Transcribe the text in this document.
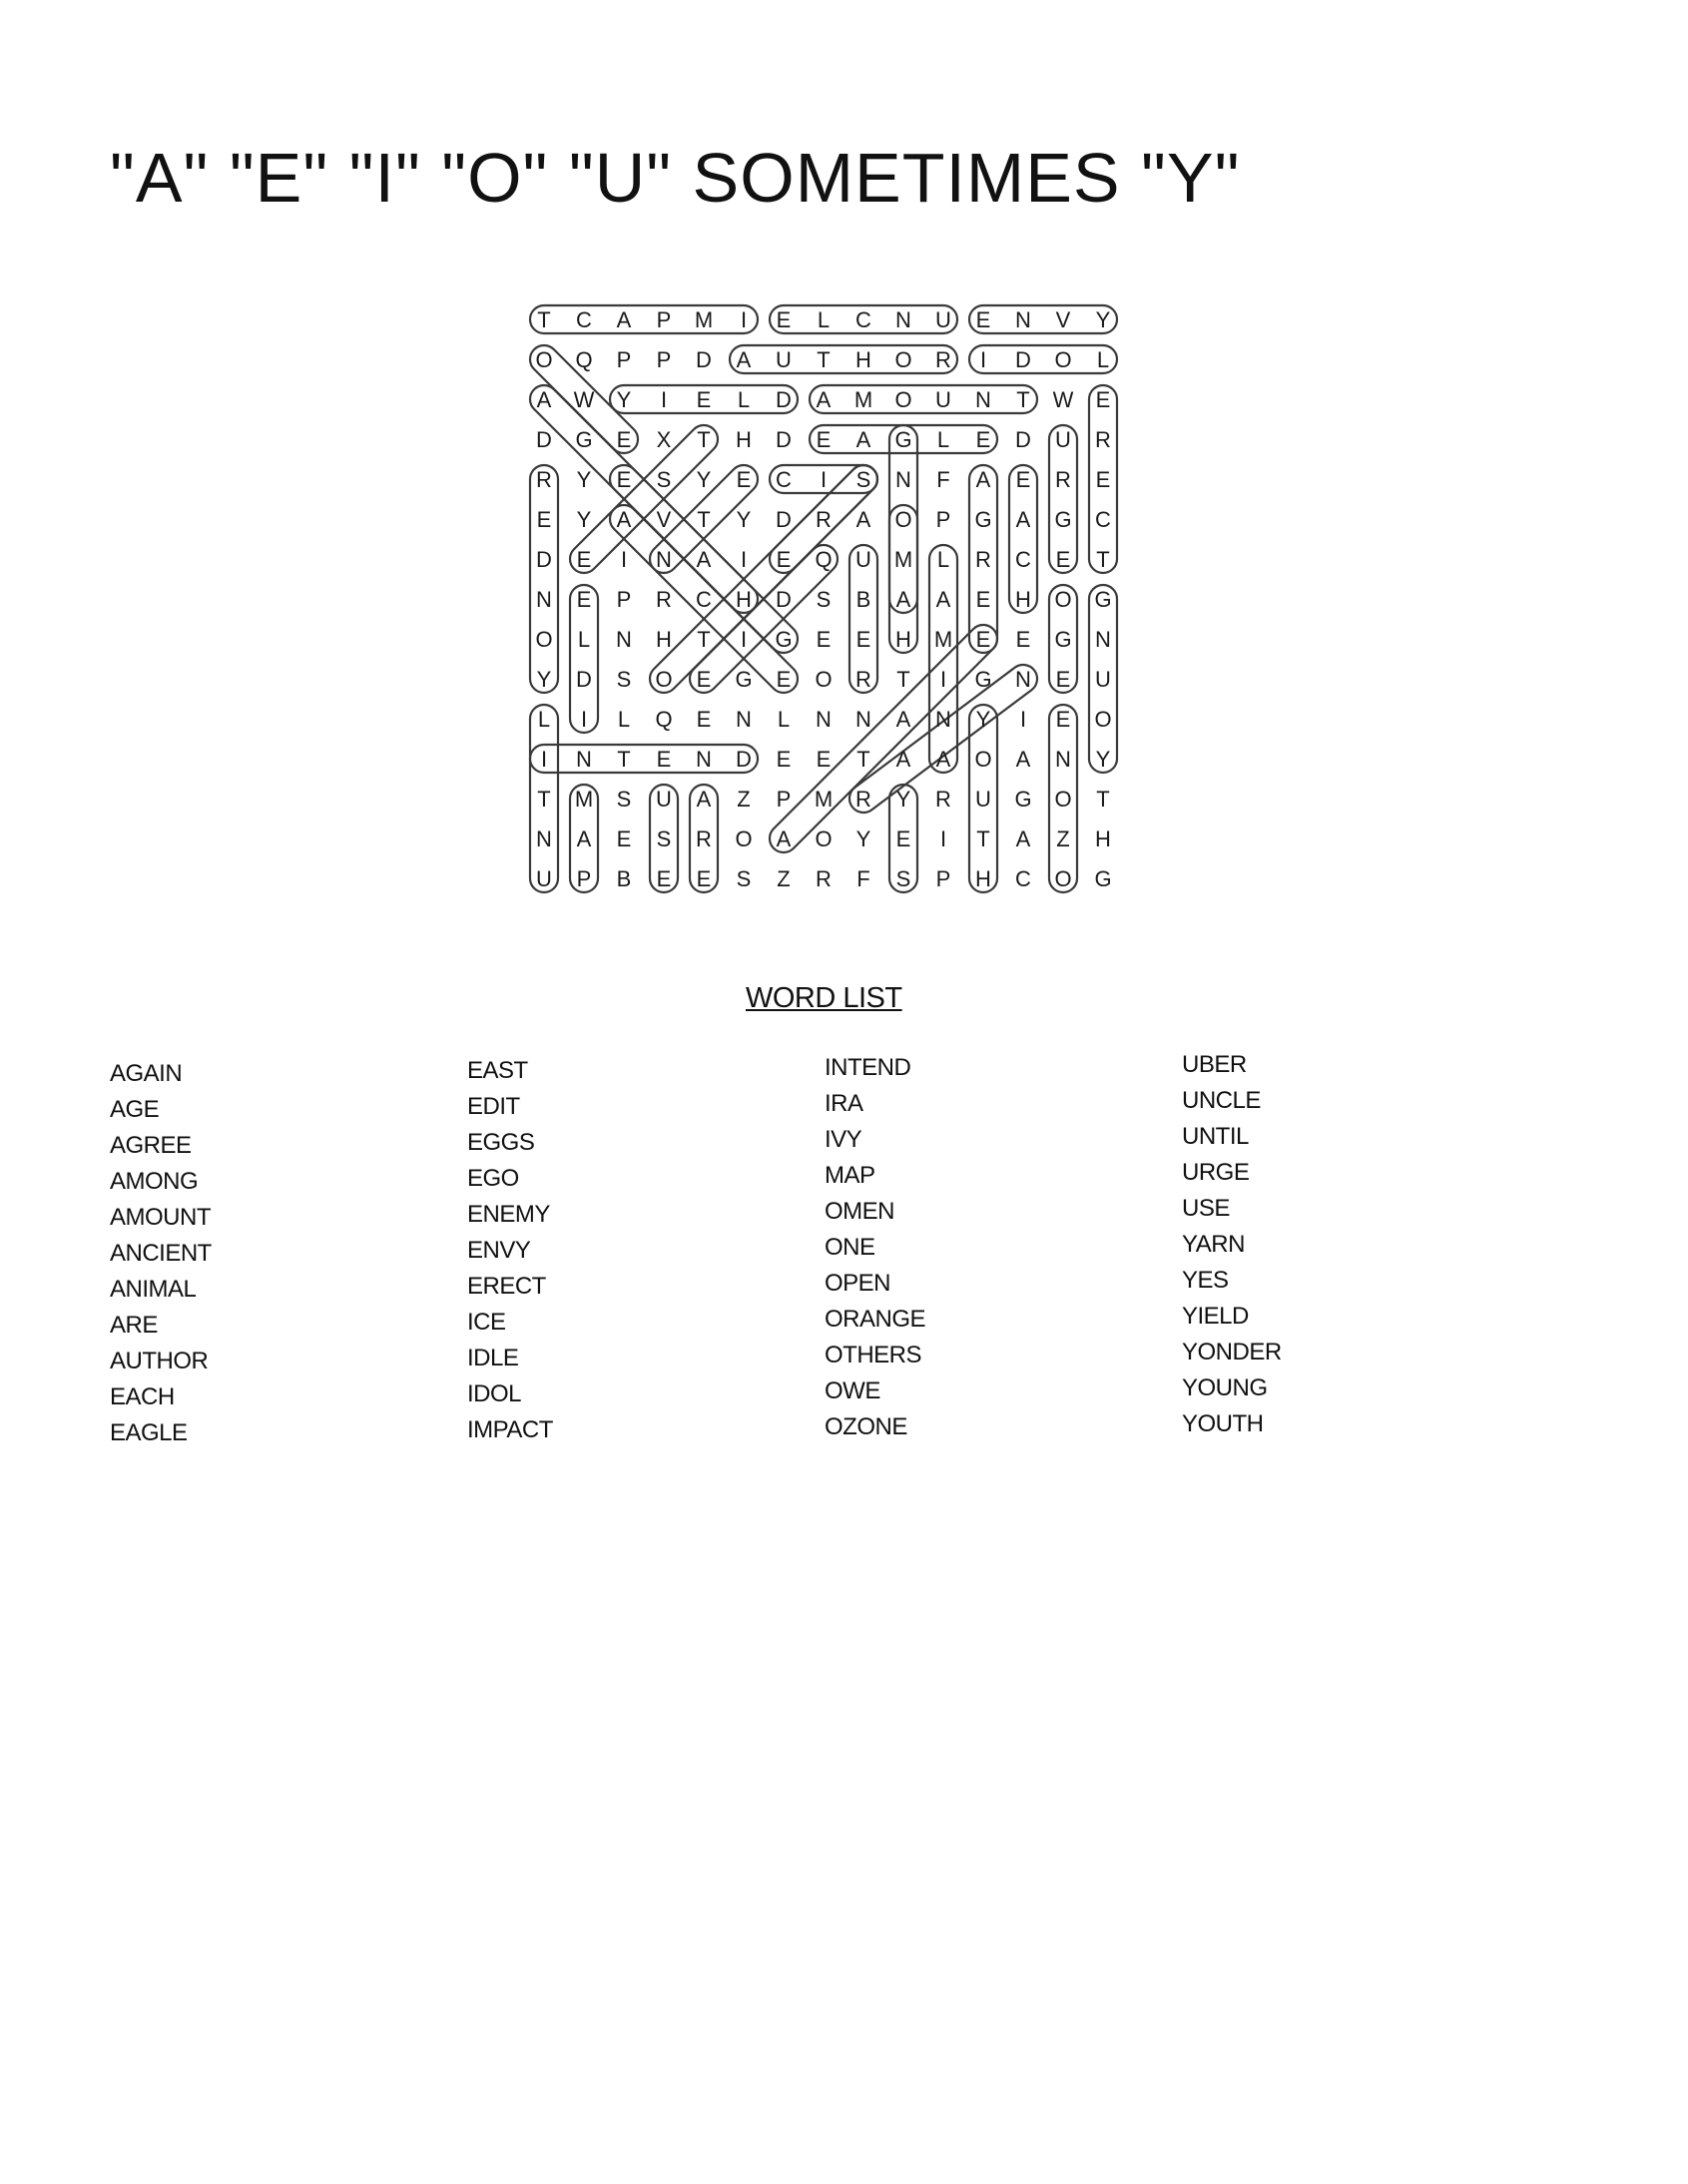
"A" "E" "I" "O" "U" SOMETIMES "Y"
T C A P M I E L C N U E N V Y
O Q P P D A U T H O R I D O L
A W Y I E L D A M O U N T W E
D G E X T H D E A G L E D U R
R Y E S Y E C I S N F A E R E
E Y A V T Y D R A O P G A G C
D E I N A I E Q U M L R C E T
N E P R C H D S B A A E H O G
O L N H T I G E E H M E E G N
Y D S O E G E O R T I G N E U
L I L Q E N L N N A N Y I E O
I N T E N D E E T A A O A N Y
T M S U A Z P M R Y R U G O T
N A E S R O A O Y E I T A Z H
U P B E E S Z R F S P H C O G
WORD LIST
AGAIN
AGE
AGREE
AMONG
AMOUNT
ANCIENT
ANIMAL
ARE
AUTHOR
EACH
EAGLE
EAST
EDIT
EGGS
EGO
ENEMY
ENVY
ERECT
ICE
IDLE
IDOL
IMPACT
INTEND
IRA
IVY
MAP
OMEN
ONE
OPEN
ORANGE
OTHERS
OWE
OZONE
UBER
UNCLE
UNTIL
URGE
USE
YARN
YES
YIELD
YONDER
YOUNG
YOUTH
